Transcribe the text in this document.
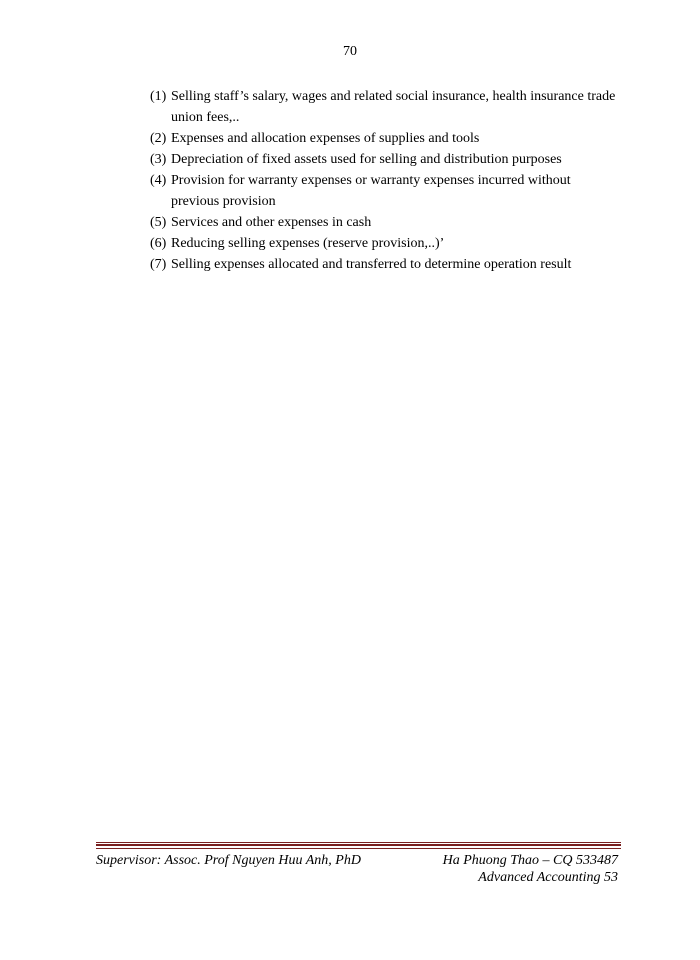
70
(1) Selling staff’s salary, wages and related social insurance, health insurance trade union fees,..
(2) Expenses and allocation expenses of supplies and tools
(3) Depreciation of fixed assets used for selling and distribution purposes
(4) Provision for warranty expenses or warranty expenses incurred without previous provision
(5) Services and other expenses in cash
(6) Reducing selling expenses (reserve provision,..)’
(7) Selling expenses allocated and transferred to determine operation result
Supervisor: Assoc. Prof Nguyen Huu Anh, PhD	Ha Phuong Thao – CQ 533487
Advanced Accounting 53
